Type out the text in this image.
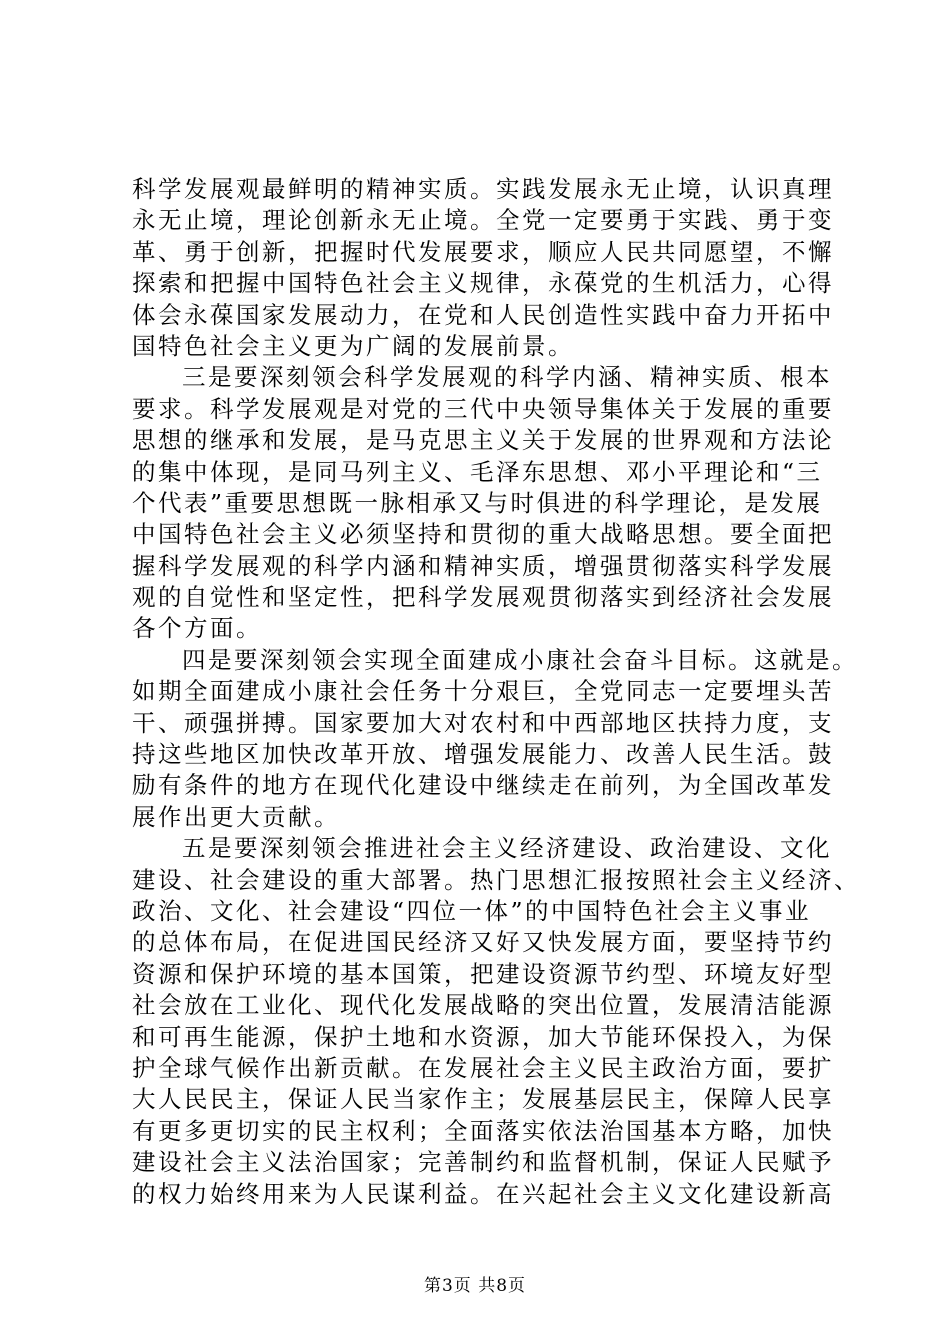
科学发展观最鲜明的精神实质。实践发展永无止境，认识真理
永无止境，理论创新永无止境。全党一定要勇于实践、勇于变
革、勇于创新，把握时代发展要求，顺应人民共同愿望，不懈
探索和把握中国特色社会主义规律，永葆党的生机活力，心得
体会永葆国家发展动力，在党和人民创造性实践中奋力开拓中
国特色社会主义更为广阔的发展前景。
三是要深刻领会科学发展观的科学内涵、精神实质、根本
要求。科学发展观是对党的三代中央领导集体关于发展的重要
思想的继承和发展，是马克思主义关于发展的世界观和方法论
的集中体现，是同马列主义、毛泽东思想、邓小平理论和“三
个代表”重要思想既一脉相承又与时俱进的科学理论，是发展
中国特色社会主义必须坚持和贯彻的重大战略思想。要全面把
握科学发展观的科学内涵和精神实质，增强贯彻落实科学发展
观的自觉性和坚定性，把科学发展观贯彻落实到经济社会发展
各个方面。
四是要深刻领会实现全面建成小康社会奋斗目标。这就是。
如期全面建成小康社会任务十分艰巨，全党同志一定要埋头苦
干、顽强拼搏。国家要加大对农村和中西部地区扶持力度，支
持这些地区加快改革开放、增强发展能力、改善人民生活。鼓
励有条件的地方在现代化建设中继续走在前列，为全国改革发
展作出更大贡献。
五是要深刻领会推进社会主义经济建设、政治建设、文化
建设、社会建设的重大部署。热门思想汇报按照社会主义经济、
政治、文化、社会建设“四位一体”的中国特色社会主义事业
的总体布局，在促进国民经济又好又快发展方面，要坚持节约
资源和保护环境的基本国策，把建设资源节约型、环境友好型
社会放在工业化、现代化发展战略的突出位置，发展清洁能源
和可再生能源，保护土地和水资源，加大节能环保投入，为保
护全球气候作出新贡献。在发展社会主义民主政治方面，要扩
大人民民主，保证人民当家作主；发展基层民主，保障人民享
有更多更切实的民主权利；全面落实依法治国基本方略，加快
建设社会主义法治国家；完善制约和监督机制，保证人民赋予
的权力始终用来为人民谋利益。在兴起社会主义文化建设新高
第3页 共8页
